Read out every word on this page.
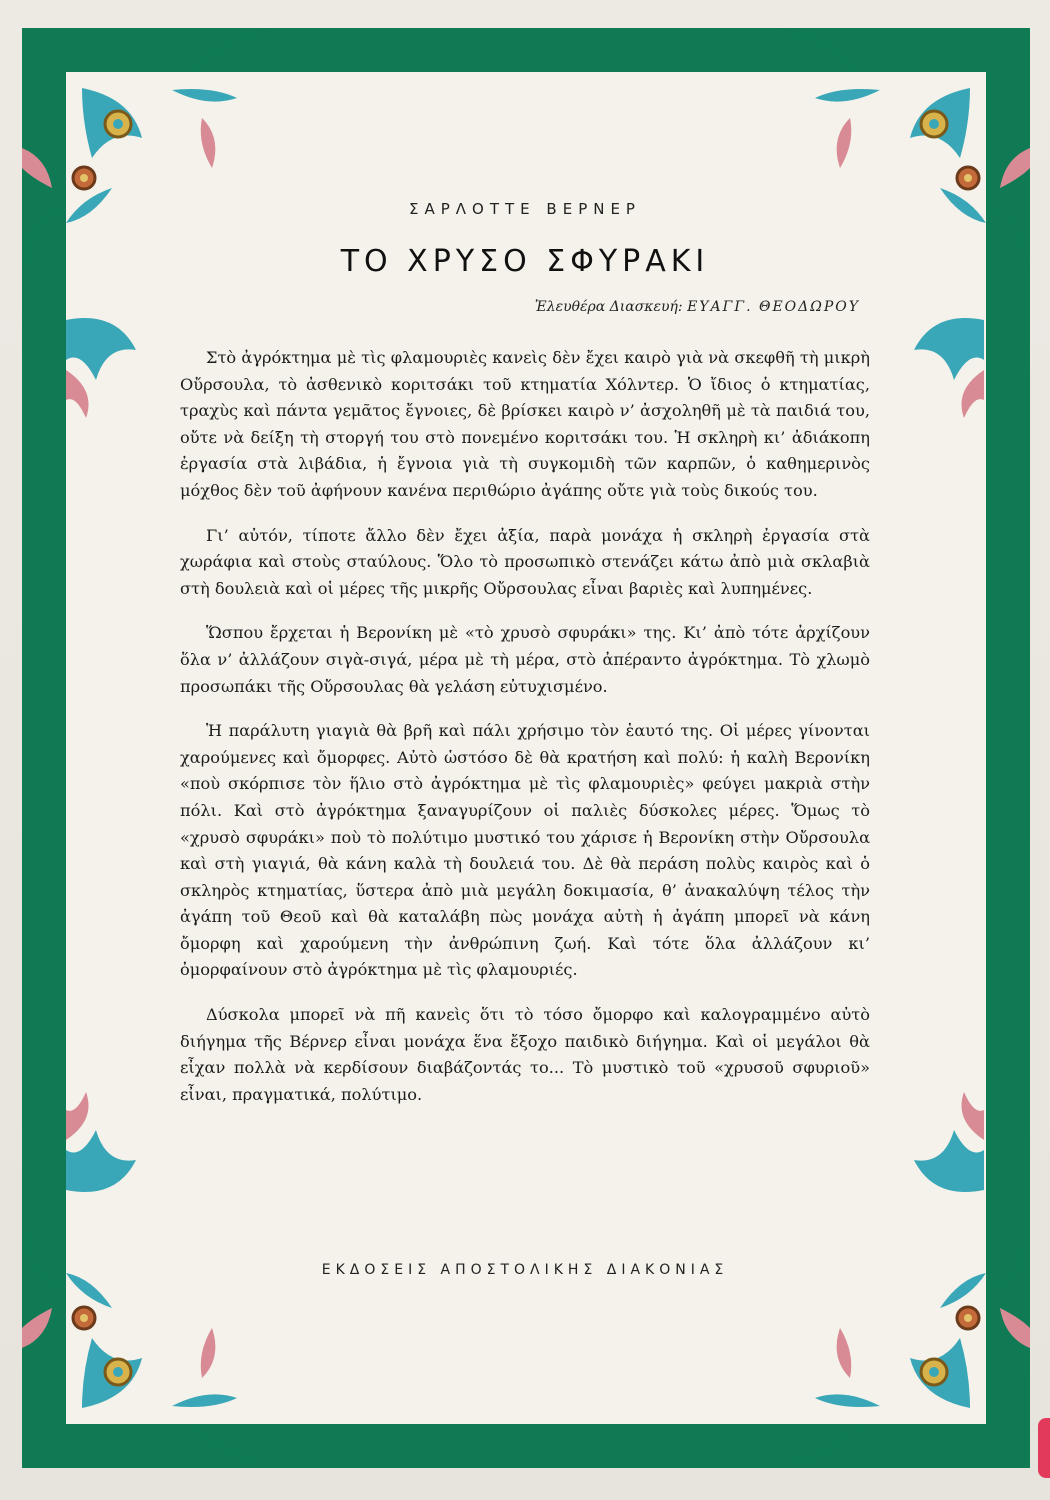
ΣΑΡΛΟΤΤΕ ΒΕΡΝΕΡ
ΤΟ ΧΡΥΣΟ ΣΦΥΡΑΚΙ
Ἐλευθέρα Διασκευή: ΕΥΑΓΓ. ΘΕΟΔΩΡΟΥ

Στὸ ἀγρόκτημα μὲ τὶς φλαμουριὲς κανεὶς δὲν ἔχει καιρὸ γιὰ νὰ σκεφθῆ τὴ μικρὴ Οὔρσουλα, τὸ ἀσθενικὸ κοριτσάκι τοῦ κτηματία Χόλντερ. Ὁ ἴδιος ὁ κτηματίας, τραχὺς καὶ πάντα γεμᾶτος ἔγνοιες, δὲ βρίσκει καιρὸ ν’ ἀσχοληθῆ μὲ τὰ παιδιά του, οὔτε νὰ δείξη τὴ στοργή του στὸ πονεμένο κοριτσάκι του. Ἡ σκληρὴ κι’ ἀδιάκοπη ἐργασία στὰ λιβάδια, ἡ ἔγνοια γιὰ τὴ συγκομιδὴ τῶν καρπῶν, ὁ καθημερινὸς μόχθος δὲν τοῦ ἀφήνουν κανένα περιθώριο ἀγάπης οὔτε γιὰ τοὺς δικούς του.

Γι’ αὐτόν, τίποτε ἄλλο δὲν ἔχει ἀξία, παρὰ μονάχα ἡ σκληρὴ ἐργασία στὰ χωράφια καὶ στοὺς σταύλους. Ὅλο τὸ προσωπικὸ στενάζει κάτω ἀπὸ μιὰ σκλαβιὰ στὴ δουλειὰ καὶ οἱ μέρες τῆς μικρῆς Οὔρσουλας εἶναι βαριὲς καὶ λυπημένες.

Ὥσπου ἔρχεται ἡ Βερονίκη μὲ «τὸ χρυσὸ σφυράκι» της. Κι’ ἀπὸ τότε ἀρχίζουν ὅλα ν’ ἀλλάζουν σιγὰ-σιγά, μέρα μὲ τὴ μέρα, στὸ ἀπέραντο ἀγρόκτημα. Τὸ χλωμὸ προσωπάκι τῆς Οὔρσουλας θὰ γελάση εὐτυχισμένο.

Ἡ παράλυτη γιαγιὰ θὰ βρῆ καὶ πάλι χρήσιμο τὸν ἑαυτό της. Οἱ μέρες γίνονται χαρούμενες καὶ ὄμορφες. Αὐτὸ ὡστόσο δὲ θὰ κρατήση καὶ πολύ: ἡ καλὴ Βερονίκη «ποὺ σκόρπισε τὸν ἥλιο στὸ ἀγρόκτημα μὲ τὶς φλαμουριὲς» φεύγει μακριὰ στὴν πόλι. Καὶ στὸ ἀγρόκτημα ξαναγυρίζουν οἱ παλιὲς δύσκολες μέρες. Ὅμως τὸ «χρυσὸ σφυράκι» ποὺ τὸ πολύτιμο μυστικό του χάρισε ἡ Βερονίκη στὴν Οὔρσουλα καὶ στὴ γιαγιά, θὰ κάνη καλὰ τὴ δουλειά του. Δὲ θὰ περάση πολὺς καιρὸς καὶ ὁ σκληρὸς κτηματίας, ὕστερα ἀπὸ μιὰ μεγάλη δοκιμασία, θ’ ἀνακαλύψη τέλος τὴν ἀγάπη τοῦ Θεοῦ καὶ θὰ καταλάβη πὼς μονάχα αὐτὴ ἡ ἀγάπη μπορεῖ νὰ κάνη ὄμορφη καὶ χαρούμενη τὴν ἀνθρώπινη ζωή. Καὶ τότε ὅλα ἀλλάζουν κι’ ὀμορφαίνουν στὸ ἀγρόκτημα μὲ τὶς φλαμουριές.

Δύσκολα μπορεῖ νὰ πῆ κανεὶς ὅτι τὸ τόσο ὄμορφο καὶ καλογραμμένο αὐτὸ διήγημα τῆς Βέρνερ εἶναι μονάχα ἕνα ἔξοχο παιδικὸ διήγημα. Καὶ οἱ μεγάλοι θὰ εἶχαν πολλὰ νὰ κερδίσουν διαβάζοντάς το... Τὸ μυστικὸ τοῦ «χρυσοῦ σφυριοῦ» εἶναι, πραγματικά, πολύτιμο.

ΕΚΔΟΣΕΙΣ ΑΠΟΣΤΟΛΙΚΗΣ ΔΙΑΚΟΝΙΑΣ
